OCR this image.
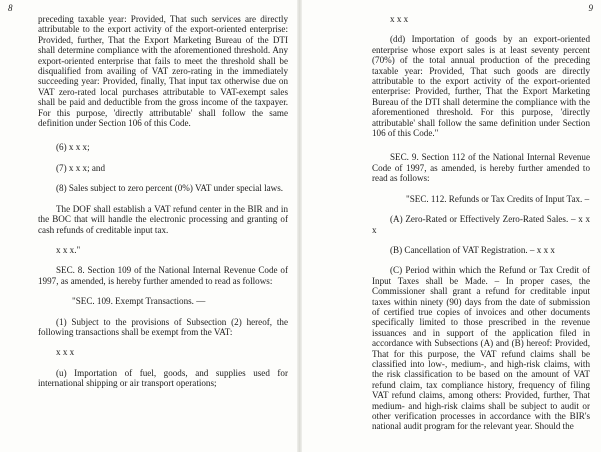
8

preceding taxable year: Provided, That such services are directly attributable to the export activity of the export-oriented enterprise: Provided, further, That the Export Marketing Bureau of the DTI shall determine compliance with the aforementioned threshold. Any export-oriented enterprise that fails to meet the threshold shall be disqualified from availing of VAT zero-rating in the immediately succeeding year: Provided, finally, That input tax otherwise due on VAT zero-rated local purchases attributable to VAT-exempt sales shall be paid and deductible from the gross income of the taxpayer. For this purpose, 'directly attributable' shall follow the same definition under Section 106 of this Code.

(6) x x x;

(7) x x x; and

(8) Sales subject to zero percent (0%) VAT under special laws.

The DOF shall establish a VAT refund center in the BIR and in the BOC that will handle the electronic processing and granting of cash refunds of creditable input tax.

x x x."

SEC. 8. Section 109 of the National Internal Revenue Code of 1997, as amended, is hereby further amended to read as follows:

"SEC. 109. Exempt Transactions. —

(1) Subject to the provisions of Subsection (2) hereof, the following transactions shall be exempt from the VAT:

x x x

(u) Importation of fuel, goods, and supplies used for international shipping or air transport operations;

9

x x x

(dd) Importation of goods by an export-oriented enterprise whose export sales is at least seventy percent (70%) of the total annual production of the preceding taxable year: Provided, That such goods are directly attributable to the export activity of the export-oriented enterprise: Provided, further, That the Export Marketing Bureau of the DTI shall determine the compliance with the aforementioned threshold. For this purpose, 'directly attributable' shall follow the same definition under Section 106 of this Code."

SEC. 9. Section 112 of the National Internal Revenue Code of 1997, as amended, is hereby further amended to read as follows:

"SEC. 112. Refunds or Tax Credits of Input Tax. –

(A) Zero-Rated or Effectively Zero-Rated Sales. – x x x

(B) Cancellation of VAT Registration. – x x x

(C) Period within which the Refund or Tax Credit of Input Taxes shall be Made. – In proper cases, the Commissioner shall grant a refund for creditable input taxes within ninety (90) days from the date of submission of certified true copies of invoices and other documents specifically limited to those prescribed in the revenue issuances and in support of the application filed in accordance with Subsections (A) and (B) hereof: Provided, That for this purpose, the VAT refund claims shall be classified into low-, medium-, and high-risk claims, with the risk classification to be based on the amount of VAT refund claim, tax compliance history, frequency of filing VAT refund claims, among others: Provided, further, That medium- and high-risk claims shall be subject to audit or other verification processes in accordance with the BIR's national audit program for the relevant year. Should the
